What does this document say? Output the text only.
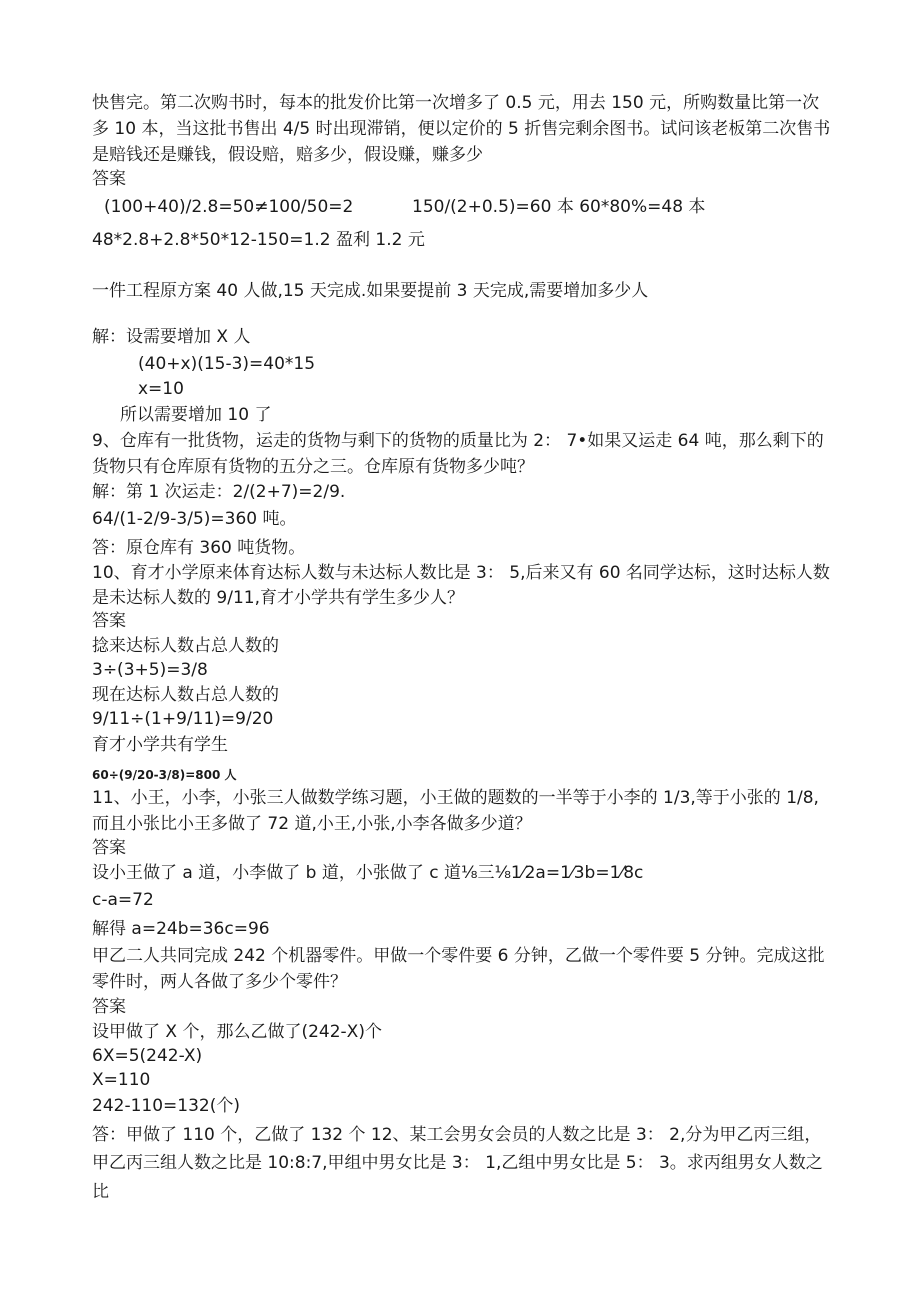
快售完。第二次购书时，每本的批发价比第一次增多了 0.5 元，用去 150 元，所购数量比第一次
多 10 本，当这批书售出 4/5 时出现滞销，便以定价的 5 折售完剩余图书。试问该老板第二次售书
是赔钱还是赚钱，假设赔，赔多少，假设赚，赚多少
答案
(100+40)/2.8=50≠100/50=2	150/(2+0.5)=60 本 60*80%=48 本
48*2.8+2.8*50*12-150=1.2 盈利 1.2 元
一件工程原方案 40 人做,15 天完成.如果要提前 3 天完成,需要增加多少人
解：设需要增加 X 人
(40+x)(15-3)=40*15
x=10
所以需要增加 10 了
9、仓库有一批货物，运走的货物与剩下的货物的质量比为 2： 7•如果又运走 64 吨，那么剩下的
货物只有仓库原有货物的五分之三。仓库原有货物多少吨？
解：第 1 次运走：2/(2+7)=2/9.
64/(1-2/9-3/5)=360 吨。
答：原仓库有 360 吨货物。
10、育才小学原来体育达标人数与未达标人数比是 3： 5,后来又有 60 名同学达标，这时达标人数
是未达标人数的 9/11,育才小学共有学生多少人？
答案
捻来达标人数占总人数的
3÷(3+5)=3/8
现在达标人数占总人数的
9/11÷(1+9/11)=9/20
育才小学共有学生
60÷(9/20-3/8)=800 人
11、小王，小李，小张三人做数学练习题，小王做的题数的一半等于小李的 1/3,等于小张的 1/8,
而且小张比小王多做了 72 道,小王,小张,小李各做多少道？
答案
设小王做了 a 道，小李做了 b 道，小张做了 c 道⅛三⅛1⁄2a=1⁄3b=1⁄8c
c-a=72
解得 a=24b=36c=96
甲乙二人共同完成 242 个机器零件。甲做一个零件要 6 分钟，乙做一个零件要 5 分钟。完成这批
零件时，两人各做了多少个零件？
答案
设甲做了 X 个，那么乙做了(242-X)个
6X=5(242-X)
X=110
242-110=132(个)
答：甲做了 110 个，乙做了 132 个 12、某工会男女会员的人数之比是 3： 2,分为甲乙丙三组，
甲乙丙三组人数之比是 10:8:7,甲组中男女比是 3： 1,乙组中男女比是 5： 3。求丙组男女人数之
比
